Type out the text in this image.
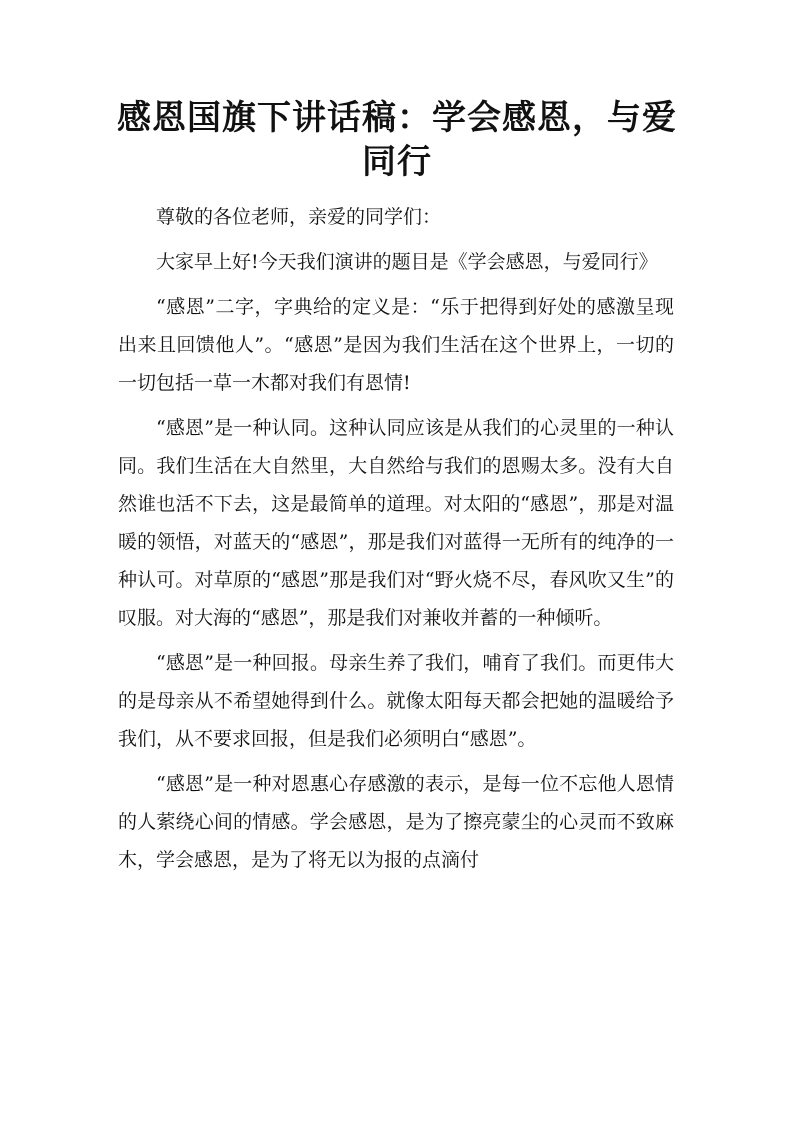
感恩国旗下讲话稿：学会感恩，与爱同行

尊敬的各位老师，亲爱的同学们：

大家早上好!今天我们演讲的题目是《学会感恩，与爱同行》

“感恩”二字，字典给的定义是：“乐于把得到好处的感激呈现出来且回馈他人”。“感恩”是因为我们生活在这个世界上，一切的一切包括一草一木都对我们有恩情!

“感恩”是一种认同。这种认同应该是从我们的心灵里的一种认同。我们生活在大自然里，大自然给与我们的恩赐太多。没有大自然谁也活不下去，这是最简单的道理。对太阳的“感恩”，那是对温暖的领悟，对蓝天的“感恩”，那是我们对蓝得一无所有的纯净的一种认可。对草原的“感恩”那是我们对“野火烧不尽，春风吹又生”的叹服。对大海的“感恩”，那是我们对兼收并蓄的一种倾听。

“感恩”是一种回报。母亲生养了我们，哺育了我们。而更伟大的是母亲从不希望她得到什么。就像太阳每天都会把她的温暖给予我们，从不要求回报，但是我们必须明白“感恩”。

“感恩”是一种对恩惠心存感激的表示，是每一位不忘他人恩情的人萦绕心间的情感。学会感恩，是为了擦亮蒙尘的心灵而不致麻木，学会感恩，是为了将无以为报的点滴付
